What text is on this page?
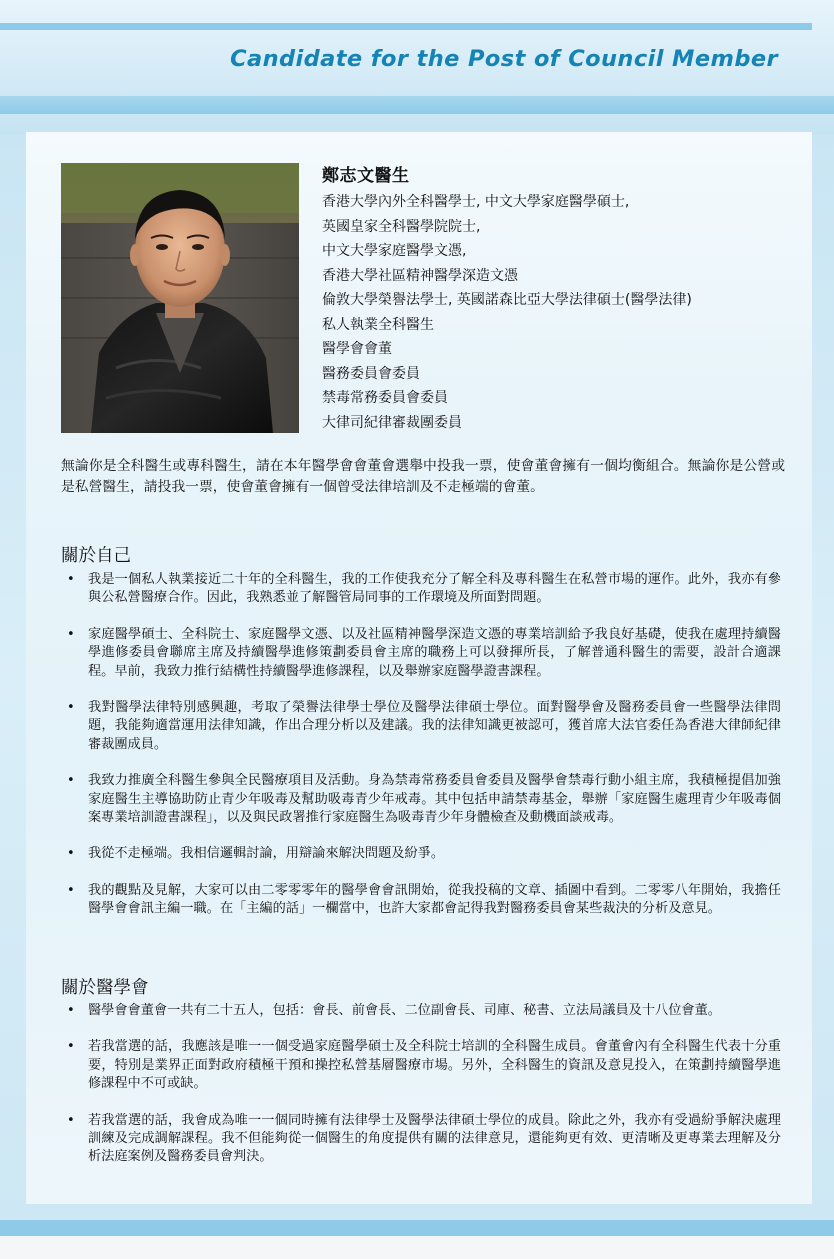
Candidate for the Post of Council Member
鄭志文醫生
香港大學內外全科醫學士, 中文大學家庭醫學碩士,
英國皇家全科醫學院院士,
中文大學家庭醫學文憑,
香港大學社區精神醫學深造文憑
倫敦大學榮譽法學士, 英國諾森比亞大學法律碩士(醫學法律)
私人執業全科醫生
醫學會會董
醫務委員會委員
禁毒常務委員會委員
大律司紀律審裁團委員

無論你是全科醫生或專科醫生，請在本年醫學會會董會選舉中投我一票，使會董會擁有一個均衡組合。無論你是公營或是私營醫生，請投我一票，使會董會擁有一個曾受法律培訓及不走極端的會董。

關於自己
• 我是一個私人執業接近二十年的全科醫生，我的工作使我充分了解全科及專科醫生在私營市場的運作。此外，我亦有參與公私營醫療合作。因此，我熟悉並了解醫管局同事的工作環境及所面對問題。
• 家庭醫學碩士、全科院士、家庭醫學文憑、以及社區精神醫學深造文憑的專業培訓給予我良好基礎，使我在處理持續醫學進修委員會聯席主席及持續醫學進修策劃委員會主席的職務上可以發揮所長，了解普通科醫生的需要，設計合適課程。早前，我致力推行結構性持續醫學進修課程，以及舉辦家庭醫學證書課程。
• 我對醫學法律特別感興趣，考取了榮譽法律學士學位及醫學法律碩士學位。面對醫學會及醫務委員會一些醫學法律問題，我能夠適當運用法律知識，作出合理分析以及建議。我的法律知識更被認可，獲首席大法官委任為香港大律師紀律審裁團成員。
• 我致力推廣全科醫生參與全民醫療項目及活動。身為禁毒常務委員會委員及醫學會禁毒行動小組主席，我積極提倡加強家庭醫生主導協助防止青少年吸毒及幫助吸毒青少年戒毒。其中包括申請禁毒基金，舉辦「家庭醫生處理青少年吸毒個案專業培訓證書課程」，以及與民政署推行家庭醫生為吸毒青少年身體檢查及動機面談戒毒。
• 我從不走極端。我相信邏輯討論，用辯論來解決問題及紛爭。
• 我的觀點及見解，大家可以由二零零零年的醫學會會訊開始，從我投稿的文章、插圖中看到。二零零八年開始，我擔任醫學會會訊主編一職。在「主編的話」一欄當中，也許大家都會記得我對醫務委員會某些裁決的分析及意見。
關於醫學會
• 醫學會會董會一共有二十五人，包括：會長、前會長、二位副會長、司庫、秘書、立法局議員及十八位會董。
• 若我當選的話，我應該是唯一一個受過家庭醫學碩士及全科院士培訓的全科醫生成員。會董會內有全科醫生代表十分重要，特別是業界正面對政府積極干預和操控私營基層醫療市場。另外，全科醫生的資訊及意見投入，在策劃持續醫學進修課程中不可或缺。
• 若我當選的話，我會成為唯一一個同時擁有法律學士及醫學法律碩士學位的成員。除此之外，我亦有受過紛爭解決處理訓練及完成調解課程。我不但能夠從一個醫生的角度提供有關的法律意見，還能夠更有效、更清晰及更專業去理解及分析法庭案例及醫務委員會判決。
